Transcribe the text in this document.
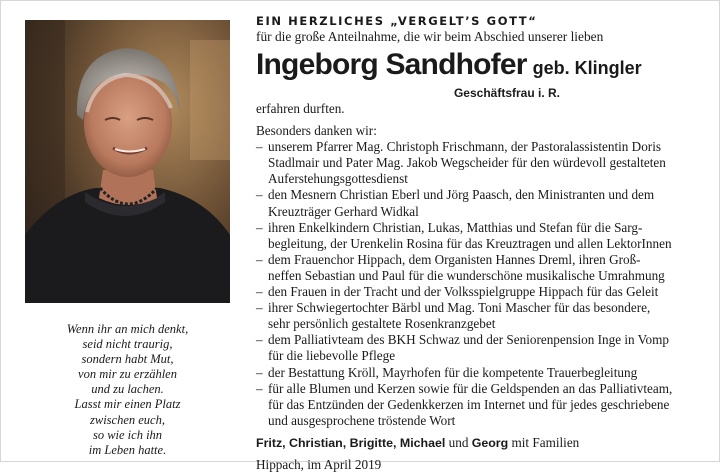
Wenn ihr an mich denkt,
seid nicht traurig,
sondern habt Mut,
von mir zu erzählen
und zu lachen.
Lasst mir einen Platz
zwischen euch,
so wie ich ihn
im Leben hatte.
EIN HERZLICHES „VERGELT’S GOTT“
für die große Anteilnahme, die wir beim Abschied unserer lieben
Ingeborg Sandhofer geb. Klingler
Geschäftsfrau i. R.
erfahren durften.
Besonders danken wir:
– unserem Pfarrer Mag. Christoph Frischmann, der Pastoralassistentin Doris
Stadlmair und Pater Mag. Jakob Wegscheider für den würdevoll gestalteten
Auferstehungsgottesdienst
– den Mesnern Christian Eberl und Jörg Paasch, den Ministranten und dem
Kreuzträger Gerhard Widkal
– ihren Enkelkindern Christian, Lukas, Matthias und Stefan für die Sarg-
begleitung, der Urenkelin Rosina für das Kreuztragen und allen LektorInnen
– dem Frauenchor Hippach, dem Organisten Hannes Dreml, ihren Groß-
neffen Sebastian und Paul für die wunderschöne musikalische Umrahmung
– den Frauen in der Tracht und der Volksspielgruppe Hippach für das Geleit
– ihrer Schwiegertochter Bärbl und Mag. Toni Mascher für das besondere,
sehr persönlich gestaltete Rosenkranzgebet
– dem Palliativteam des BKH Schwaz und der Seniorenpension Inge in Vomp
für die liebevolle Pflege
– der Bestattung Kröll, Mayrhofen für die kompetente Trauerbegleitung
– für alle Blumen und Kerzen sowie für die Geldspenden an das Palliativteam,
für das Entzünden der Gedenkkerzen im Internet und für jedes geschriebene
und ausgesprochene tröstende Wort
Fritz, Christian, Brigitte, Michael und Georg mit Familien
Hippach, im April 2019
